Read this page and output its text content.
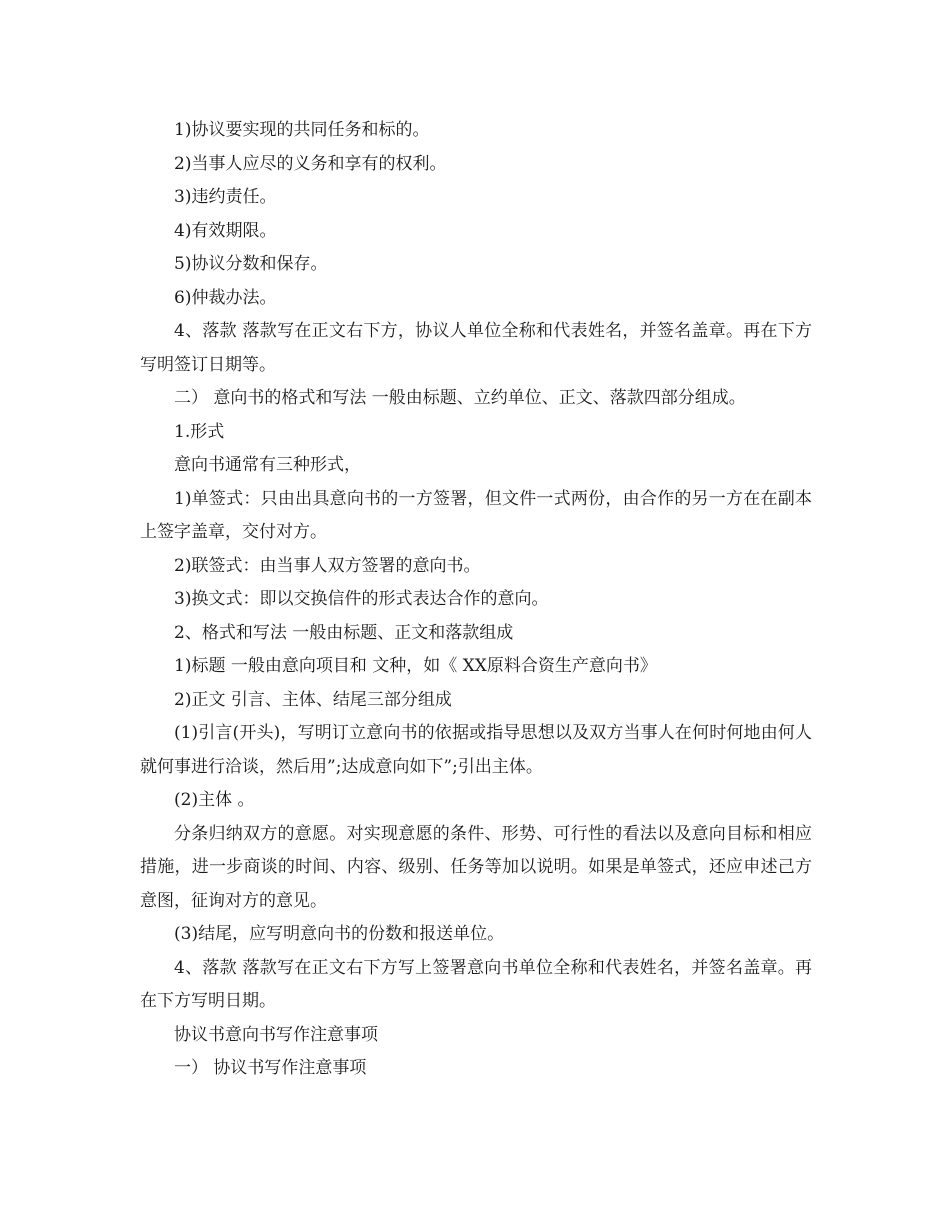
1)协议要实现的共同任务和标的。

2)当事人应尽的义务和享有的权利。

3)违约责任。

4)有效期限。

5)协议分数和保存。

6)仲裁办法。

4、落款 落款写在正文右下方，协议人单位全称和代表姓名，并签名盖章。再在下方写明签订日期等。

二） 意向书的格式和写法 一般由标题、立约单位、正文、落款四部分组成。

1.形式

意向书通常有三种形式，

1)单签式：只由出具意向书的一方签署，但文件一式两份，由合作的另一方在在副本上签字盖章，交付对方。

2)联签式：由当事人双方签署的意向书。

3)换文式：即以交换信件的形式表达合作的意向。

2、格式和写法 一般由标题、正文和落款组成

1)标题 一般由意向项目和 文种，如《 XX原料合资生产意向书》

2)正文 引言、主体、结尾三部分组成

(1)引言(开头)，写明订立意向书的依据或指导思想以及双方当事人在何时何地由何人就何事进行洽谈，然后用”;达成意向如下”;引出主体。

(2)主体 。

分条归纳双方的意愿。对实现意愿的条件、形势、可行性的看法以及意向目标和相应措施，进一步商谈的时间、内容、级别、任务等加以说明。如果是单签式，还应申述己方意图，征询对方的意见。

(3)结尾，应写明意向书的份数和报送单位。

4、落款 落款写在正文右下方写上签署意向书单位全称和代表姓名，并签名盖章。再在下方写明日期。

协议书意向书写作注意事项

一） 协议书写作注意事项
